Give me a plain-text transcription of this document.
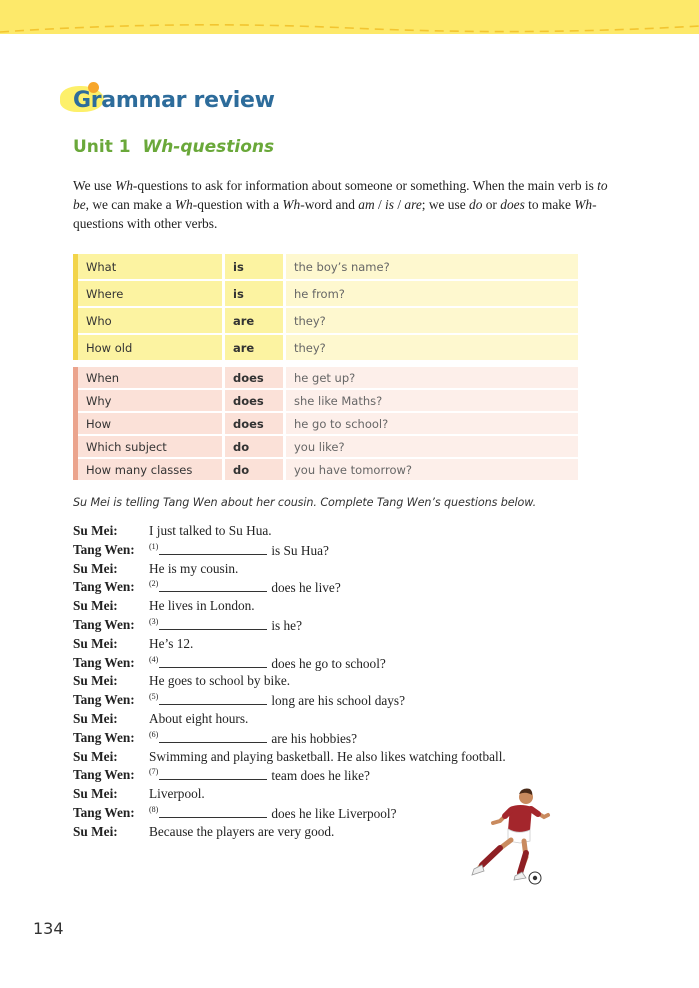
Grammar review
Unit 1 Wh-questions
We use Wh-questions to ask for information about someone or something. When the main verb is to be, we can make a Wh-question with a Wh-word and am / is / are; we use do or does to make Wh-questions with other verbs.
What	is	the boy’s name?
Where	is	he from?
Who	are	they?
How old	are	they?
When	does	he get up?
Why	does	she like Maths?
How	does	he go to school?
Which subject	do	you like?
How many classes	do	you have tomorrow?
Su Mei is telling Tang Wen about her cousin. Complete Tang Wen’s questions below.
Su Mei: I just talked to Su Hua.
Tang Wen: $^{(1)}$	is Su Hua?
Su Mei: He is my cousin.
Tang Wen: $^{(2)}$	does he live?
Su Mei: He lives in London.
Tang Wen: $^{(3)}$	is he?
Su Mei: He’s 12.
Tang Wen: $^{(4)}$	does he go to school?
Su Mei: He goes to school by bike.
Tang Wen: $^{(5)}$	long are his school days?
Su Mei: About eight hours.
Tang Wen: $^{(6)}$	are his hobbies?
Su Mei: Swimming and playing basketball. He also likes watching football.
Tang Wen: $^{(7)}$	team does he like?
Su Mei: Liverpool.
Tang Wen: $^{(8)}$	does he like Liverpool?
Su Mei: Because the players are very good.
134
